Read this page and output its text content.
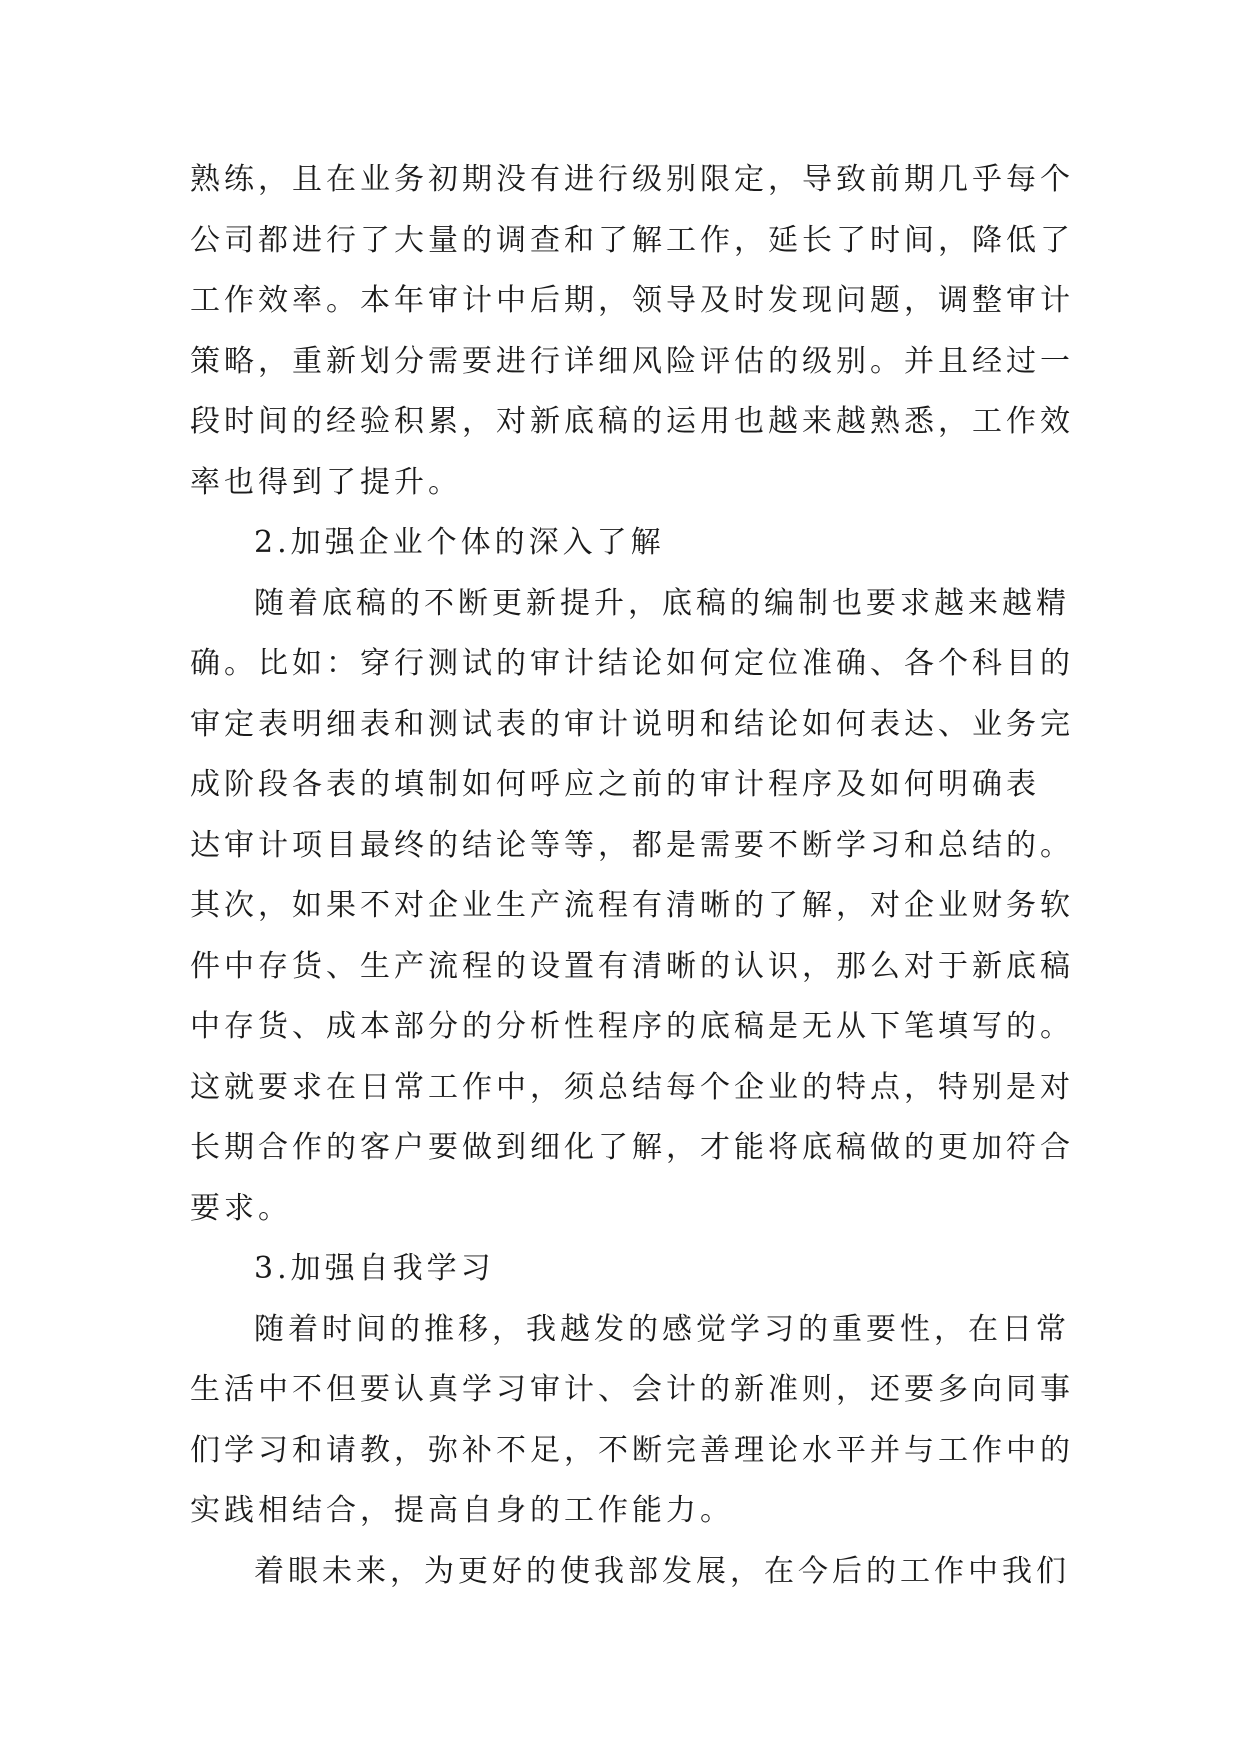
熟练，且在业务初期没有进行级别限定，导致前期几乎每个
公司都进行了大量的调查和了解工作，延长了时间，降低了
工作效率。本年审计中后期，领导及时发现问题，调整审计
策略，重新划分需要进行详细风险评估的级别。并且经过一
段时间的经验积累，对新底稿的运用也越来越熟悉，工作效
率也得到了提升。
2.加强企业个体的深入了解
随着底稿的不断更新提升，底稿的编制也要求越来越精
确。比如：穿行测试的审计结论如何定位准确、各个科目的
审定表明细表和测试表的审计说明和结论如何表达、业务完
成阶段各表的填制如何呼应之前的审计程序及如何明确表
达审计项目最终的结论等等，都是需要不断学习和总结的。
其次，如果不对企业生产流程有清晰的了解，对企业财务软
件中存货、生产流程的设置有清晰的认识，那么对于新底稿
中存货、成本部分的分析性程序的底稿是无从下笔填写的。
这就要求在日常工作中，须总结每个企业的特点，特别是对
长期合作的客户要做到细化了解，才能将底稿做的更加符合
要求。
3.加强自我学习
随着时间的推移，我越发的感觉学习的重要性，在日常
生活中不但要认真学习审计、会计的新准则，还要多向同事
们学习和请教，弥补不足，不断完善理论水平并与工作中的
实践相结合，提高自身的工作能力。
着眼未来，为更好的使我部发展，在今后的工作中我们
